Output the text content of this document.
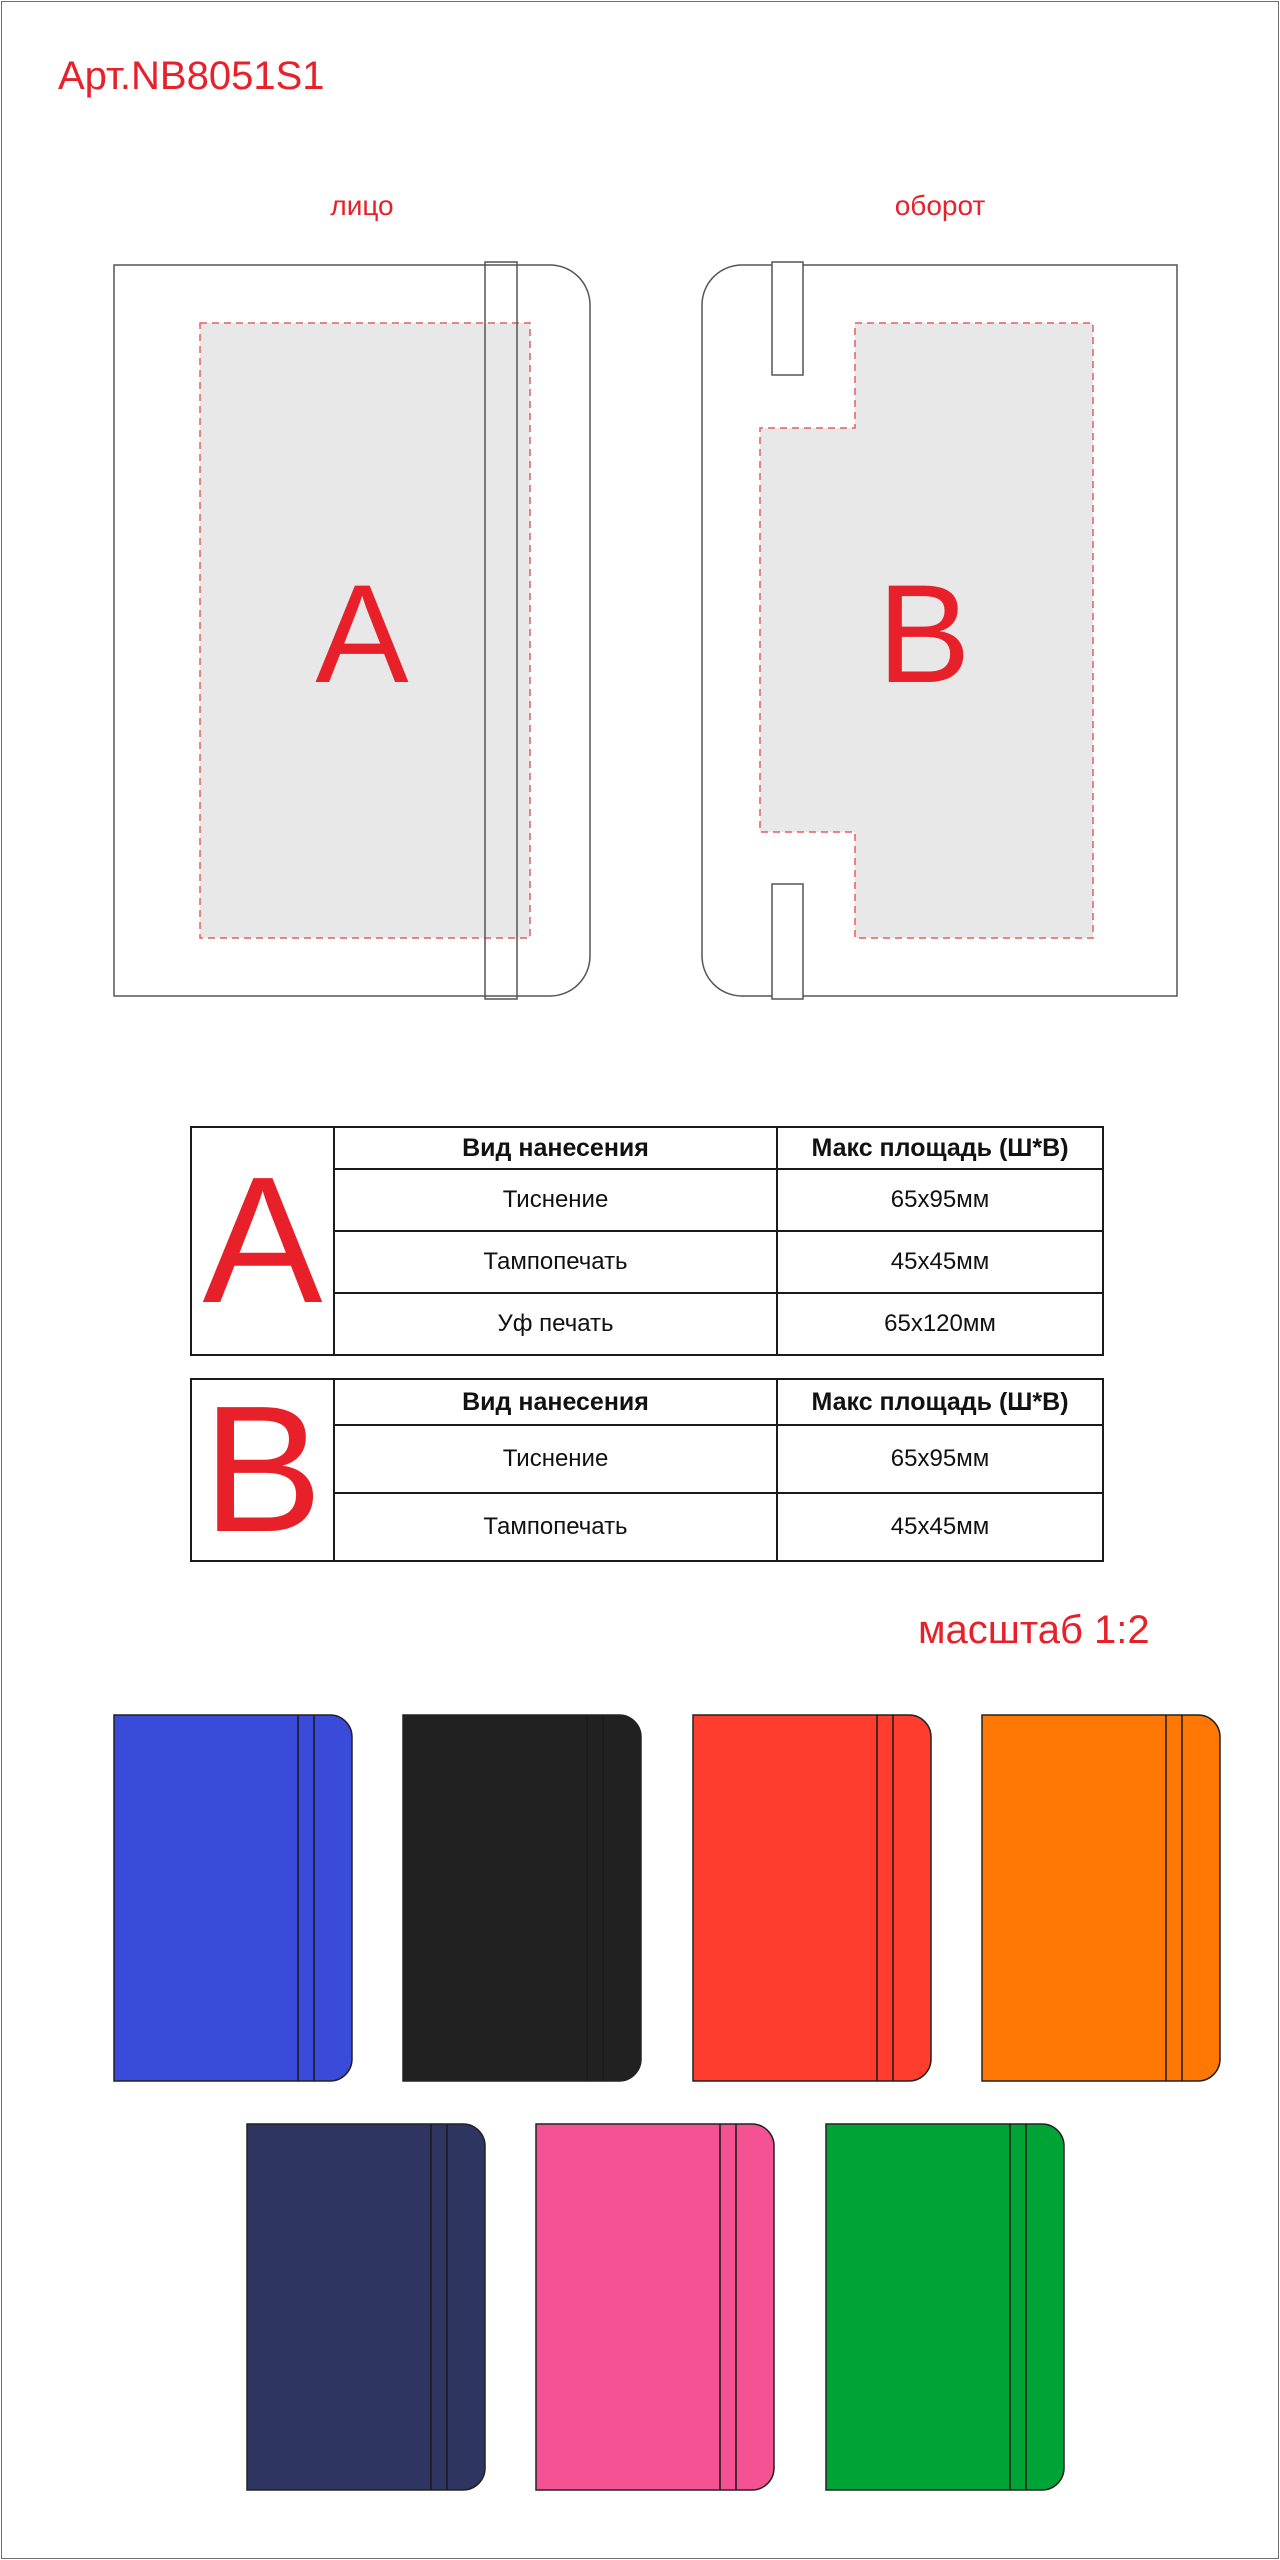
Арт.NB8051S1
лицо	оборот
A	B
A	Вид нанесения	Макс площадь (Ш*В)
	Тиснение	65x95мм
	Тампопечать	45x45мм
	Уф печать	65x120мм
B	Вид нанесения	Макс площадь (Ш*В)
	Тиснение	65x95мм
	Тампопечать	45x45мм
масштаб 1:2
